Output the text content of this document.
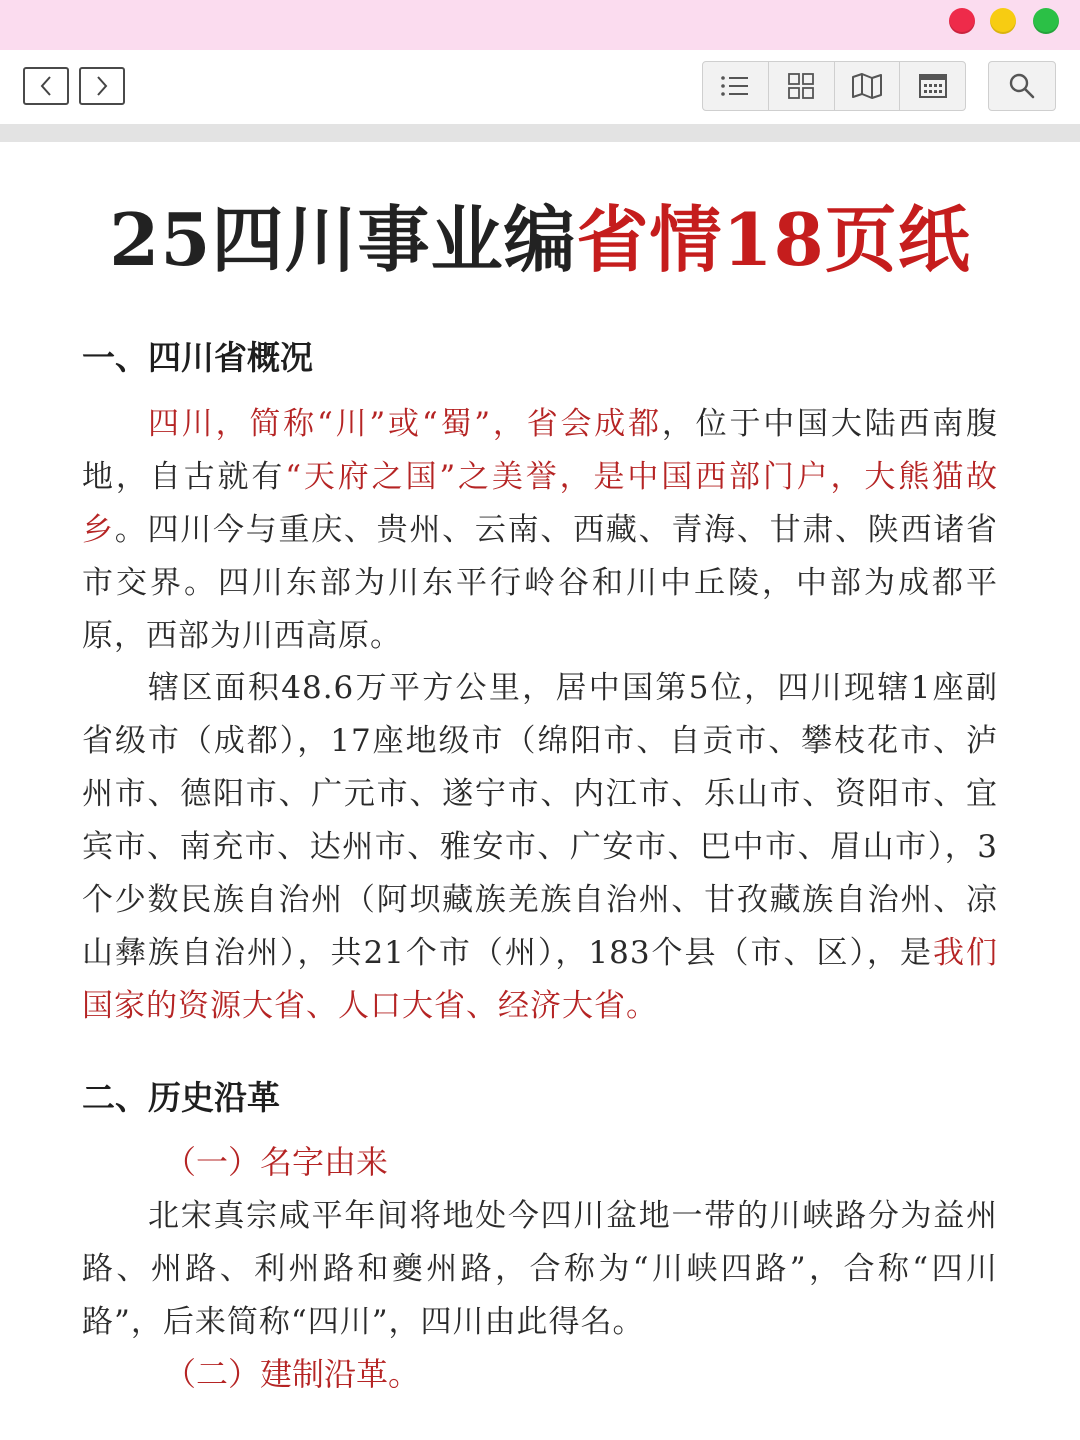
25四川事业编省情18页纸
一、四川省概况
四川，简称“川”或“蜀”，省会成都，位于中国大陆西南腹地，自古就有“天府之国”之美誉，是中国西部门户，大熊猫故乡。四川今与重庆、贵州、云南、西藏、青海、甘肃、陕西诸省市交界。四川东部为川东平行岭谷和川中丘陵，中部为成都平原，西部为川西高原。
辖区面积48.6万平方公里，居中国第5位，四川现辖1座副省级市（成都），17座地级市（绵阳市、自贡市、攀枝花市、泸州市、德阳市、广元市、遂宁市、内江市、乐山市、资阳市、宜宾市、南充市、达州市、雅安市、广安市、巴中市、眉山市），3个少数民族自治州（阿坝藏族羌族自治州、甘孜藏族自治州、凉山彝族自治州），共21个市（州），183个县（市、区），是我们国家的资源大省、人口大省、经济大省。
二、历史沿革
（一）名字由来
北宋真宗咸平年间将地处今四川盆地一带的川峡路分为益州路、州路、利州路和夔州路，合称为“川峡四路”，合称“四川路”，后来简称“四川”，四川由此得名。
（二）建制沿革。
